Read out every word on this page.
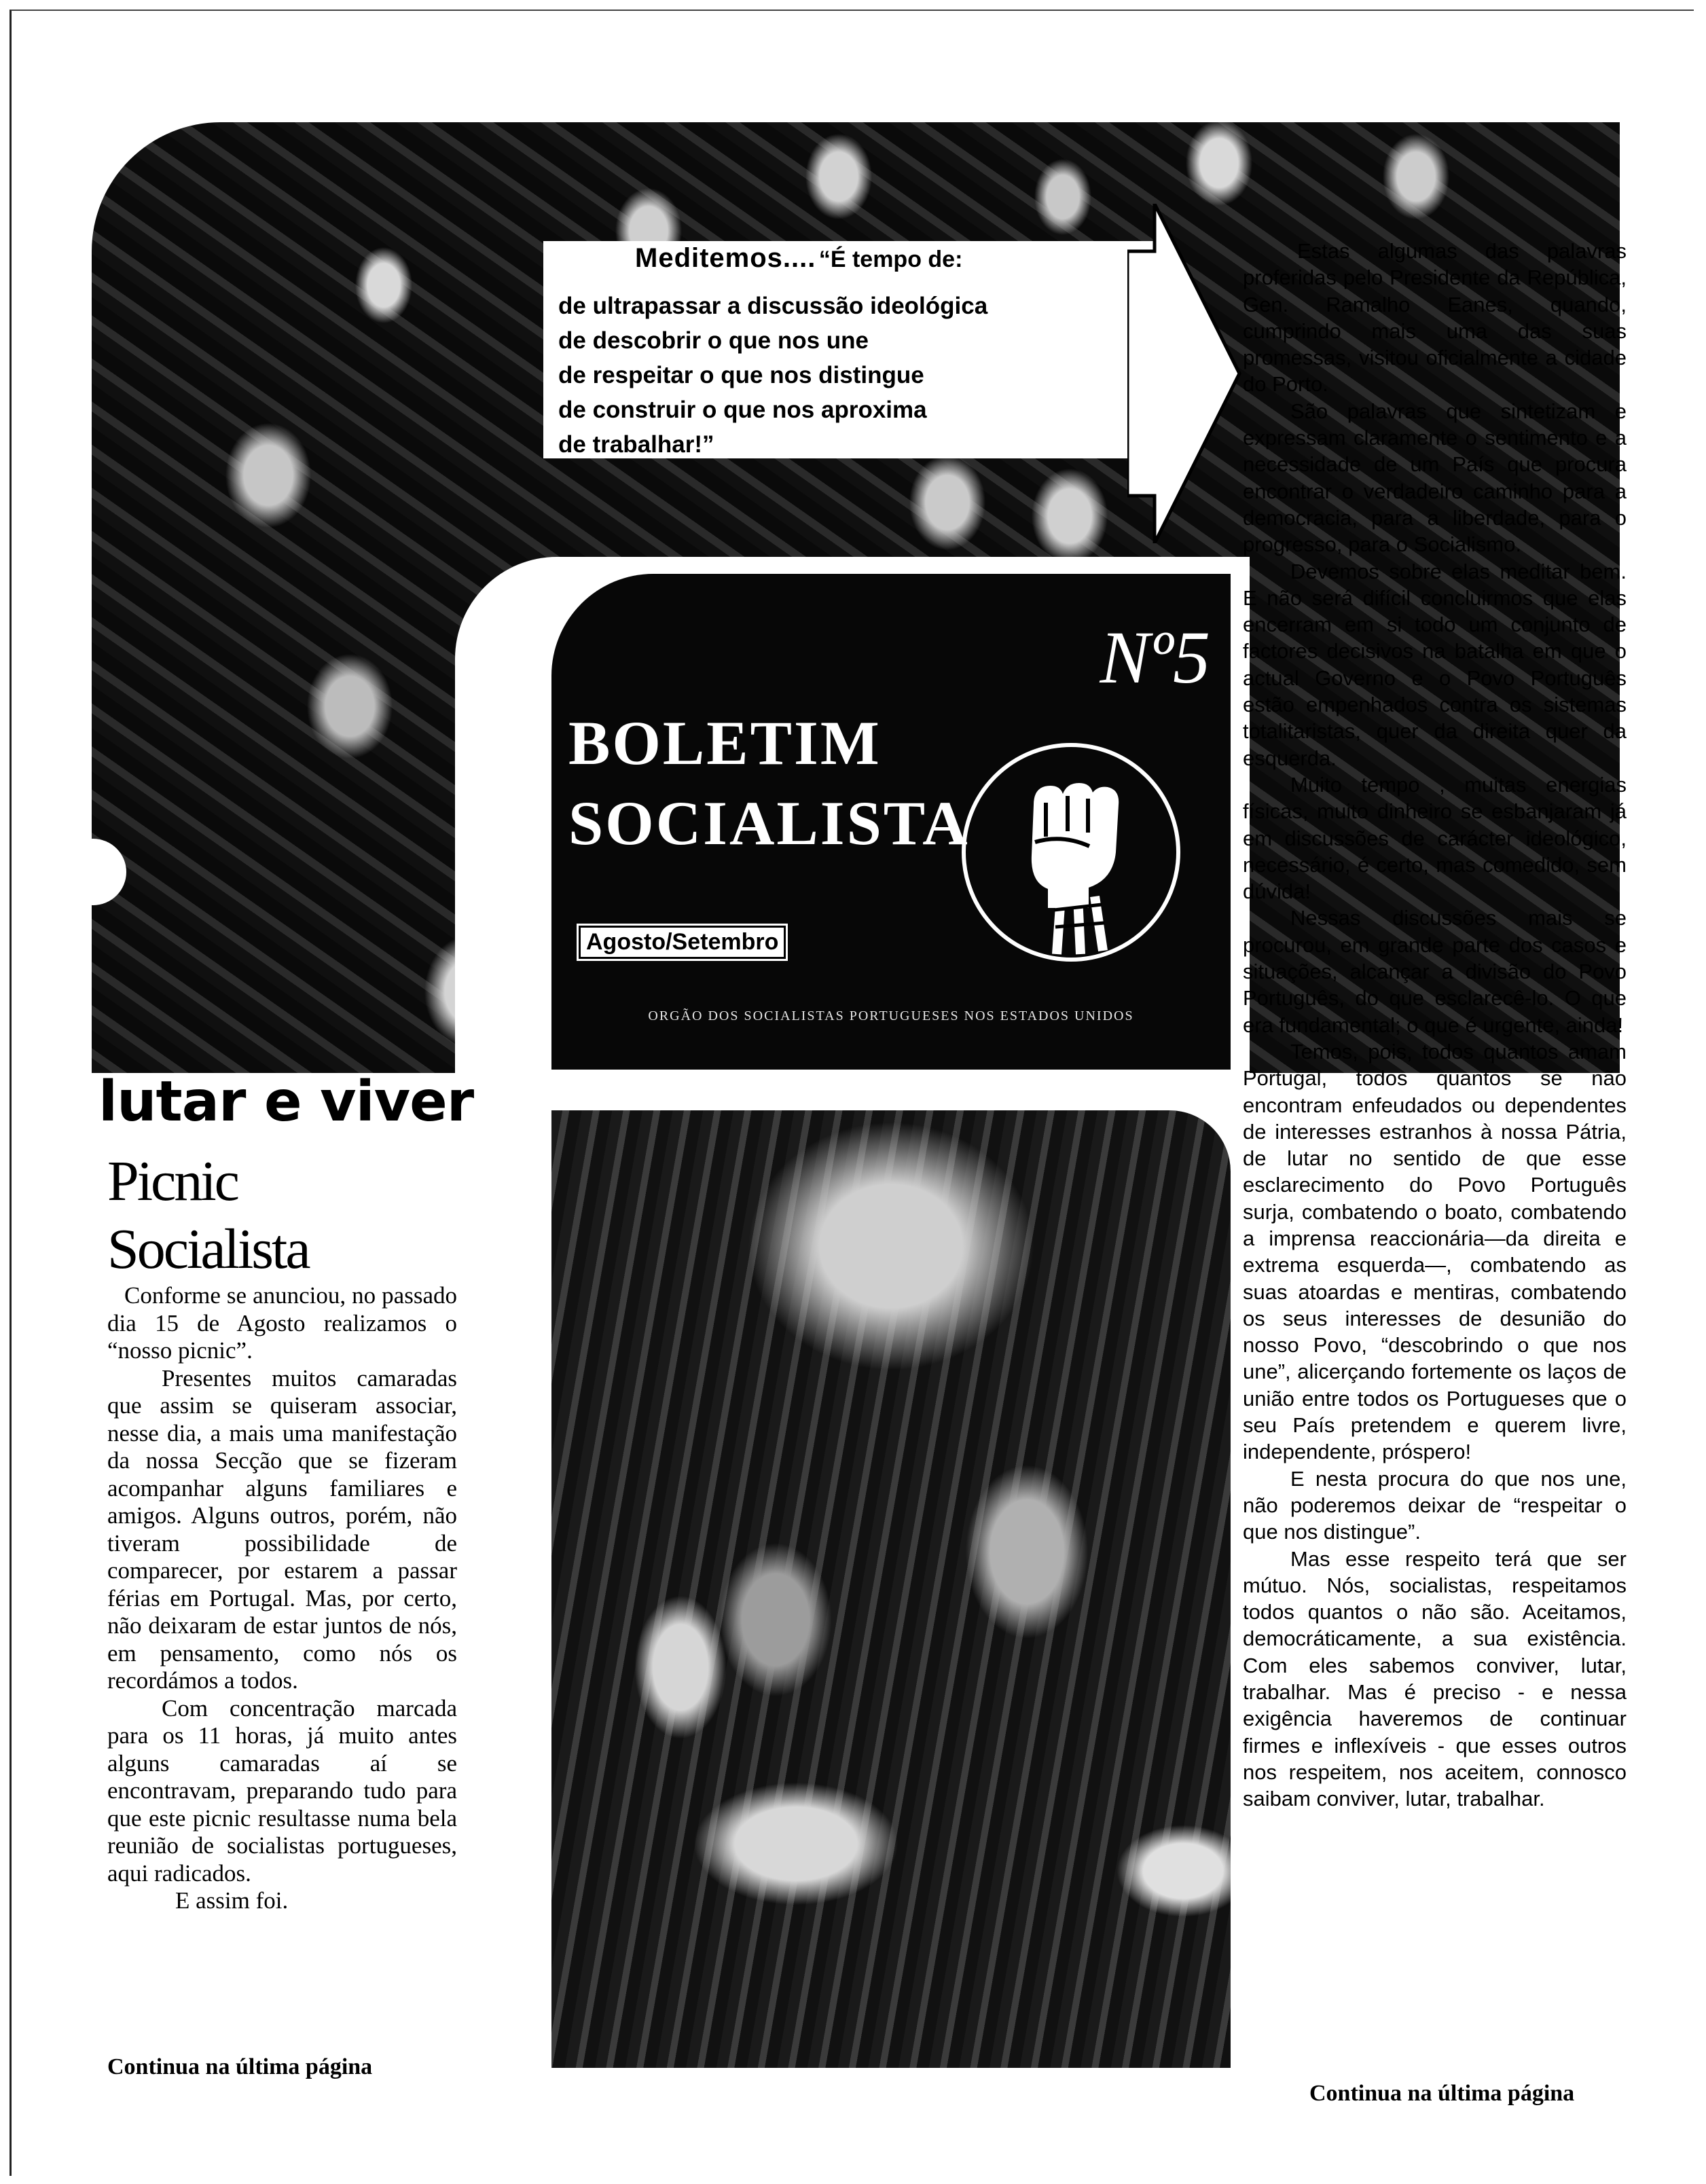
Meditemos.... “É tempo de:
de ultrapassar a discussão ideológica
de descobrir o que nos une
de respeitar o que nos distingue
de construir o que nos aproxima
de trabalhar!”
Nº5
BOLETIM
SOCIALISTA
Agosto/Setembro
ORGÃO DOS SOCIALISTAS PORTUGUESES NOS ESTADOS UNIDOS

Estas algumas das palavras proferidas pelo Presidente da República, Gen. Ramalho Eanes, quando, cumprindo mais uma das suas promessas, visitou oficialmente a cidade do Porto.

São palavras que sintetizam e expressam claramente o sentimento e a necessidade de um País que procura encontrar o verdadeiro caminho para a democracia, para a liberdade, para o progresso, para o Socialismo.

Devemos sobre elas meditar bem. E não será difícil concluirmos que elas encerram em si todo um conjunto de factores decisivos na batalha em que o actual Governo e o Povo Português estão empenhados contra os sistemas totalitaristas, quer da direita quer da esquerda.

Muito tempo , muitas energias físicas, muito dinheiro se esbanjaram já em discussões de carácter ideológico, necessário, é certo, mas comedido, sem dúvida!

Nessas discussões mais se procurou, em grande parte dos casos e situações, alcançar a divisão do Povo Português, do que esclarecê-lo. O que era fundamental; o que é urgente, ainda!

Temos, pois, todos quantos amam Portugal, todos quantos se não encontram enfeudados ou dependentes de interesses estranhos à nossa Pátria, de lutar no sentido de que esse esclarecimento do Povo Português surja, combatendo o boato, combatendo a imprensa reaccionária—da direita e extrema esquerda—, combatendo as suas atoardas e mentiras, combatendo os seus interesses de desunião do nosso Povo, “descobrindo o que nos une”, alicerçando fortemente os laços de união entre todos os Portugueses que o seu País pretendem e querem livre, independente, próspero!

E nesta procura do que nos une, não poderemos deixar de “respeitar o que nos distingue”.

Mas esse respeito terá que ser mútuo. Nós, socialistas, respeitamos todos quantos o não são. Aceitamos, democráticamente, a sua existência. Com eles sabemos conviver, lutar, trabalhar. Mas é preciso - e nessa exigência haveremos de continuar firmes e inflexíveis - que esses outros nos respeitem, nos aceitem, connosco saibam conviver, lutar, trabalhar.

Continua na última página
lutar e viver
Picnic
Socialista

Conforme se anunciou, no passado dia 15 de Agosto realizamos o “nosso picnic”.

Presentes muitos camaradas que assim se quiseram associar, nesse dia, a mais uma manifestação da nossa Secção que se fizeram acompanhar alguns familiares e amigos. Alguns outros, porém, não tiveram possibilidade de comparecer, por estarem a passar férias em Portugal. Mas, por certo, não deixaram de estar juntos de nós, em pensamento, como nós os recordámos a todos.

Com concentração marcada para os 11 horas, já muito antes alguns camaradas aí se encontravam, preparando tudo para que este picnic resultasse numa bela reunião de socialistas portugueses, aqui radicados.

E assim foi.

Continua na última página
